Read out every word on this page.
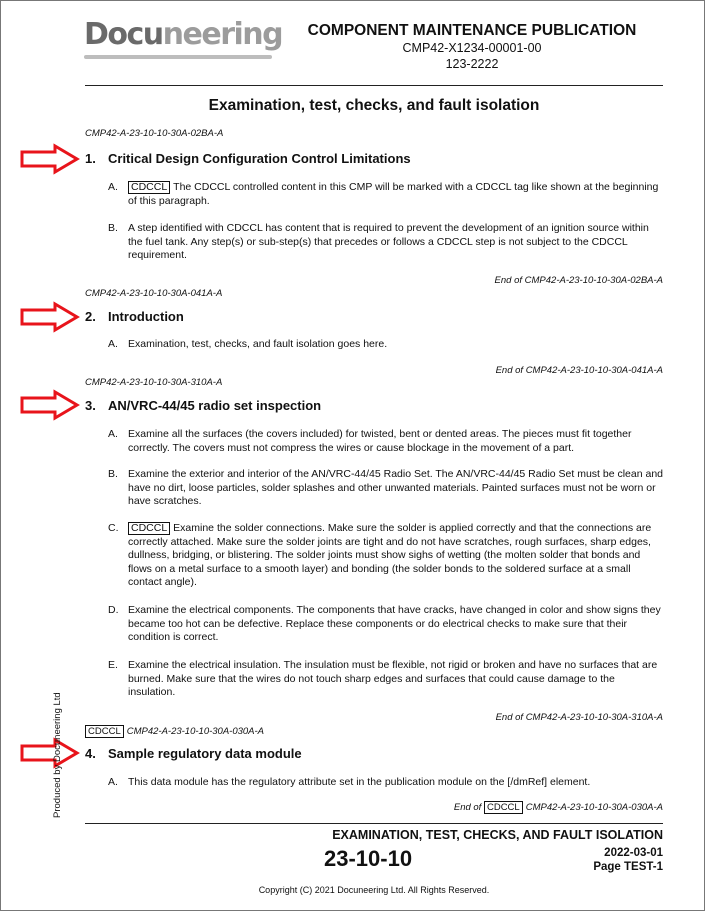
Docuneering	COMPONENT MAINTENANCE PUBLICATION
CMP42-X1234-00001-00
123-2222
Examination, test, checks, and fault isolation
CMP42-A-23-10-10-30A-02BA-A
1. Critical Design Configuration Control Limitations
A. CDCCL The CDCCL controlled content in this CMP will be marked with a CDCCL tag like shown at the beginning of this paragraph.
B. A step identified with CDCCL has content that is required to prevent the development of an ignition source within the fuel tank. Any step(s) or sub-step(s) that precedes or follows a CDCCL step is not subject to the CDCCL requirement.
End of CMP42-A-23-10-10-30A-02BA-A
CMP42-A-23-10-10-30A-041A-A
2. Introduction
A. Examination, test, checks, and fault isolation goes here.
End of CMP42-A-23-10-10-30A-041A-A
CMP42-A-23-10-10-30A-310A-A
3. AN/VRC-44/45 radio set inspection
A. Examine all the surfaces (the covers included) for twisted, bent or dented areas. The pieces must fit together correctly. The covers must not compress the wires or cause blockage in the movement of a part.
B. Examine the exterior and interior of the AN/VRC-44/45 Radio Set. The AN/VRC-44/45 Radio Set must be clean and have no dirt, loose particles, solder splashes and other unwanted materials. Painted surfaces must not be worn or have scratches.
C. CDCCL Examine the solder connections. Make sure the solder is applied correctly and that the connections are correctly attached. Make sure the solder joints are tight and do not have scratches, rough surfaces, sharp edges, dullness, bridging, or blistering. The solder joints must show sighs of wetting (the molten solder that bonds and flows on a metal surface to a smooth layer) and bonding (the solder bonds to the soldered surface at a small contact angle).
D. Examine the electrical components. The components that have cracks, have changed in color and show signs they became too hot can be defective. Replace these components or do electrical checks to make sure that their condition is correct.
E. Examine the electrical insulation. The insulation must be flexible, not rigid or broken and have no surfaces that are burned. Make sure that the wires do not touch sharp edges and surfaces that could cause damage to the insulation.
End of CMP42-A-23-10-10-30A-310A-A
CDCCL CMP42-A-23-10-10-30A-030A-A
4. Sample regulatory data module
A. This data module has the regulatory attribute set in the publication module on the [/dmRef] element.
End of CDCCL CMP42-A-23-10-10-30A-030A-A
Produced by Docuneering Ltd
EXAMINATION, TEST, CHECKS, AND FAULT ISOLATION
23-10-10	2022-03-01
Page TEST-1
Copyright (C) 2021 Docuneering Ltd. All Rights Reserved.
